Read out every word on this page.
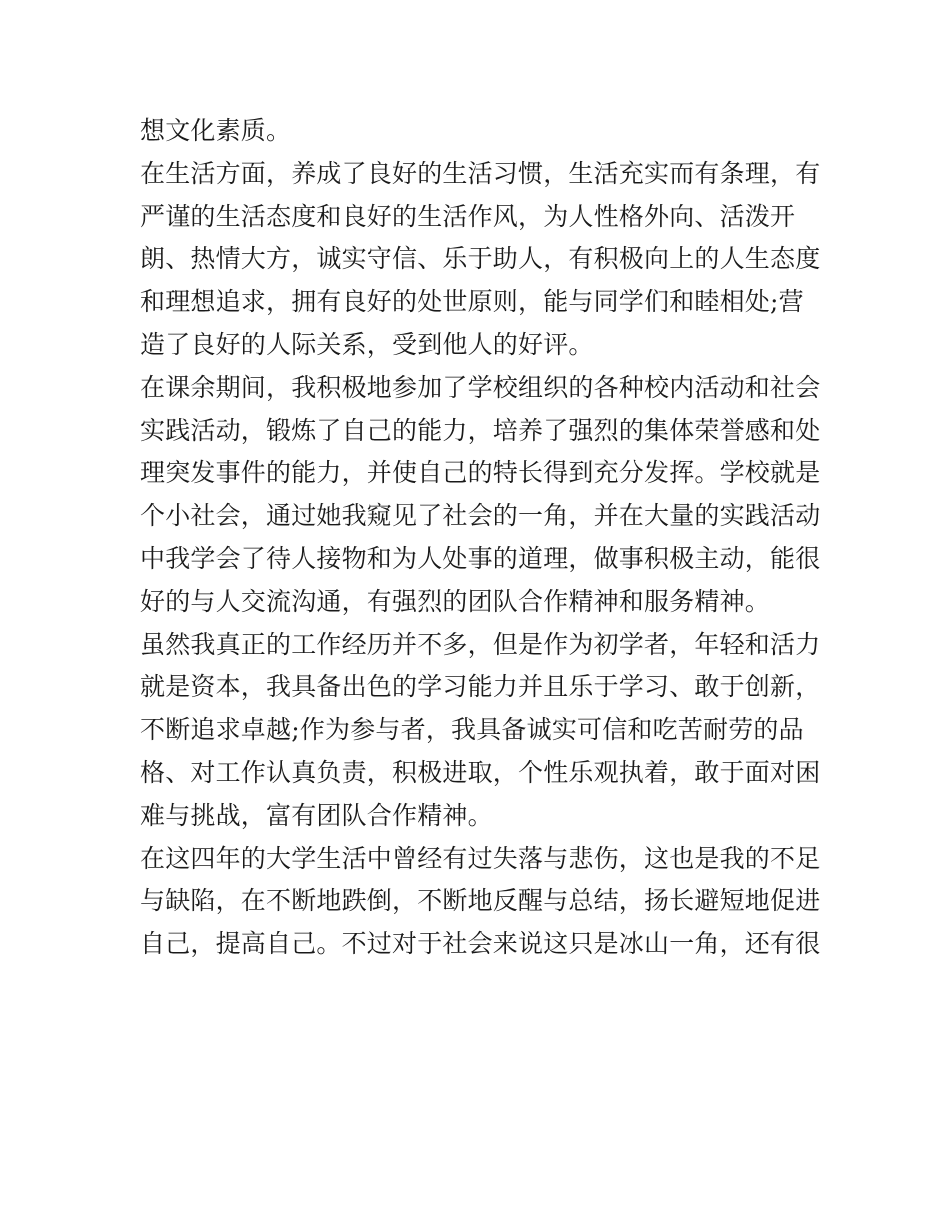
想文化素质。
在生活方面，养成了良好的生活习惯，生活充实而有条理，有
严谨的生活态度和良好的生活作风，为人性格外向、活泼开
朗、热情大方，诚实守信、乐于助人，有积极向上的人生态度
和理想追求，拥有良好的处世原则，能与同学们和睦相处;营
造了良好的人际关系，受到他人的好评。
在课余期间，我积极地参加了学校组织的各种校内活动和社会
实践活动，锻炼了自己的能力，培养了强烈的集体荣誉感和处
理突发事件的能力，并使自己的特长得到充分发挥。学校就是
个小社会，通过她我窥见了社会的一角，并在大量的实践活动
中我学会了待人接物和为人处事的道理，做事积极主动，能很
好的与人交流沟通，有强烈的团队合作精神和服务精神。
虽然我真正的工作经历并不多，但是作为初学者，年轻和活力
就是资本，我具备出色的学习能力并且乐于学习、敢于创新，
不断追求卓越;作为参与者，我具备诚实可信和吃苦耐劳的品
格、对工作认真负责，积极进取，个性乐观执着，敢于面对困
难与挑战，富有团队合作精神。
在这四年的大学生活中曾经有过失落与悲伤，这也是我的不足
与缺陷，在不断地跌倒，不断地反醒与总结，扬长避短地促进
自己，提高自己。不过对于社会来说这只是冰山一角，还有很
